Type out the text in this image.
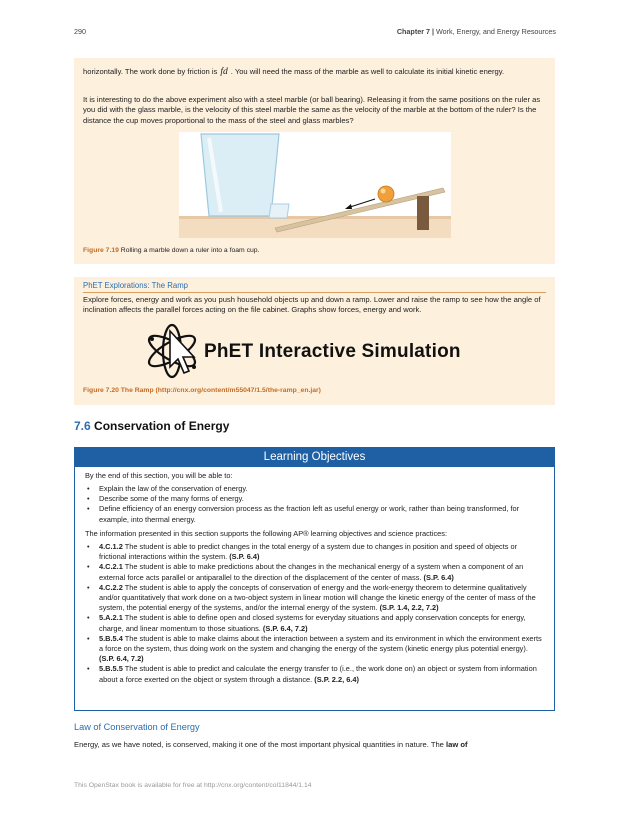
290	Chapter 7 | Work, Energy, and Energy Resources

horizontally. The work done by friction is fd . You will need the mass of the marble as well to calculate its initial kinetic energy.

It is interesting to do the above experiment also with a steel marble (or ball bearing). Releasing it from the same positions on the ruler as you did with the glass marble, is the velocity of this steel marble the same as the velocity of the marble at the bottom of the ruler? Is the distance the cup moves proportional to the mass of the steel and glass marbles?

Figure 7.19 Rolling a marble down a ruler into a foam cup.
PhET Explorations: The Ramp

Explore forces, energy and work as you push household objects up and down a ramp. Lower and raise the ramp to see how the angle of inclination affects the parallel forces acting on the file cabinet. Graphs show forces, energy and work.

PhET Interactive Simulation
Figure 7.20 The Ramp (http://cnx.org/content/m55047/1.5/the-ramp_en.jar)
7.6 Conservation of Energy
Learning Objectives
By the end of this section, you will be able to:
• Explain the law of the conservation of energy.
• Describe some of the many forms of energy.
• Define efficiency of an energy conversion process as the fraction left as useful energy or work, rather than being transformed, for example, into thermal energy.
The information presented in this section supports the following AP® learning objectives and science practices:
• 4.C.1.2 The student is able to predict changes in the total energy of a system due to changes in position and speed of objects or frictional interactions within the system. (S.P. 6.4)
• 4.C.2.1 The student is able to make predictions about the changes in the mechanical energy of a system when a component of an external force acts parallel or antiparallel to the direction of the displacement of the center of mass. (S.P. 6.4)
• 4.C.2.2 The student is able to apply the concepts of conservation of energy and the work-energy theorem to determine qualitatively and/or quantitatively that work done on a two-object system in linear motion will change the kinetic energy of the center of mass of the system, the potential energy of the systems, and/or the internal energy of the system. (S.P. 1.4, 2.2, 7.2)
• 5.A.2.1 The student is able to define open and closed systems for everyday situations and apply conservation concepts for energy, charge, and linear momentum to those situations. (S.P. 6.4, 7.2)
• 5.B.5.4 The student is able to make claims about the interaction between a system and its environment in which the environment exerts a force on the system, thus doing work on the system and changing the energy of the system (kinetic energy plus potential energy). (S.P. 6.4, 7.2)
• 5.B.5.5 The student is able to predict and calculate the energy transfer to (i.e., the work done on) an object or system from information about a force exerted on the object or system through a distance. (S.P. 2.2, 6.4)
Law of Conservation of Energy
Energy, as we have noted, is conserved, making it one of the most important physical quantities in nature. The law of
This OpenStax book is available for free at http://cnx.org/content/col11844/1.14
